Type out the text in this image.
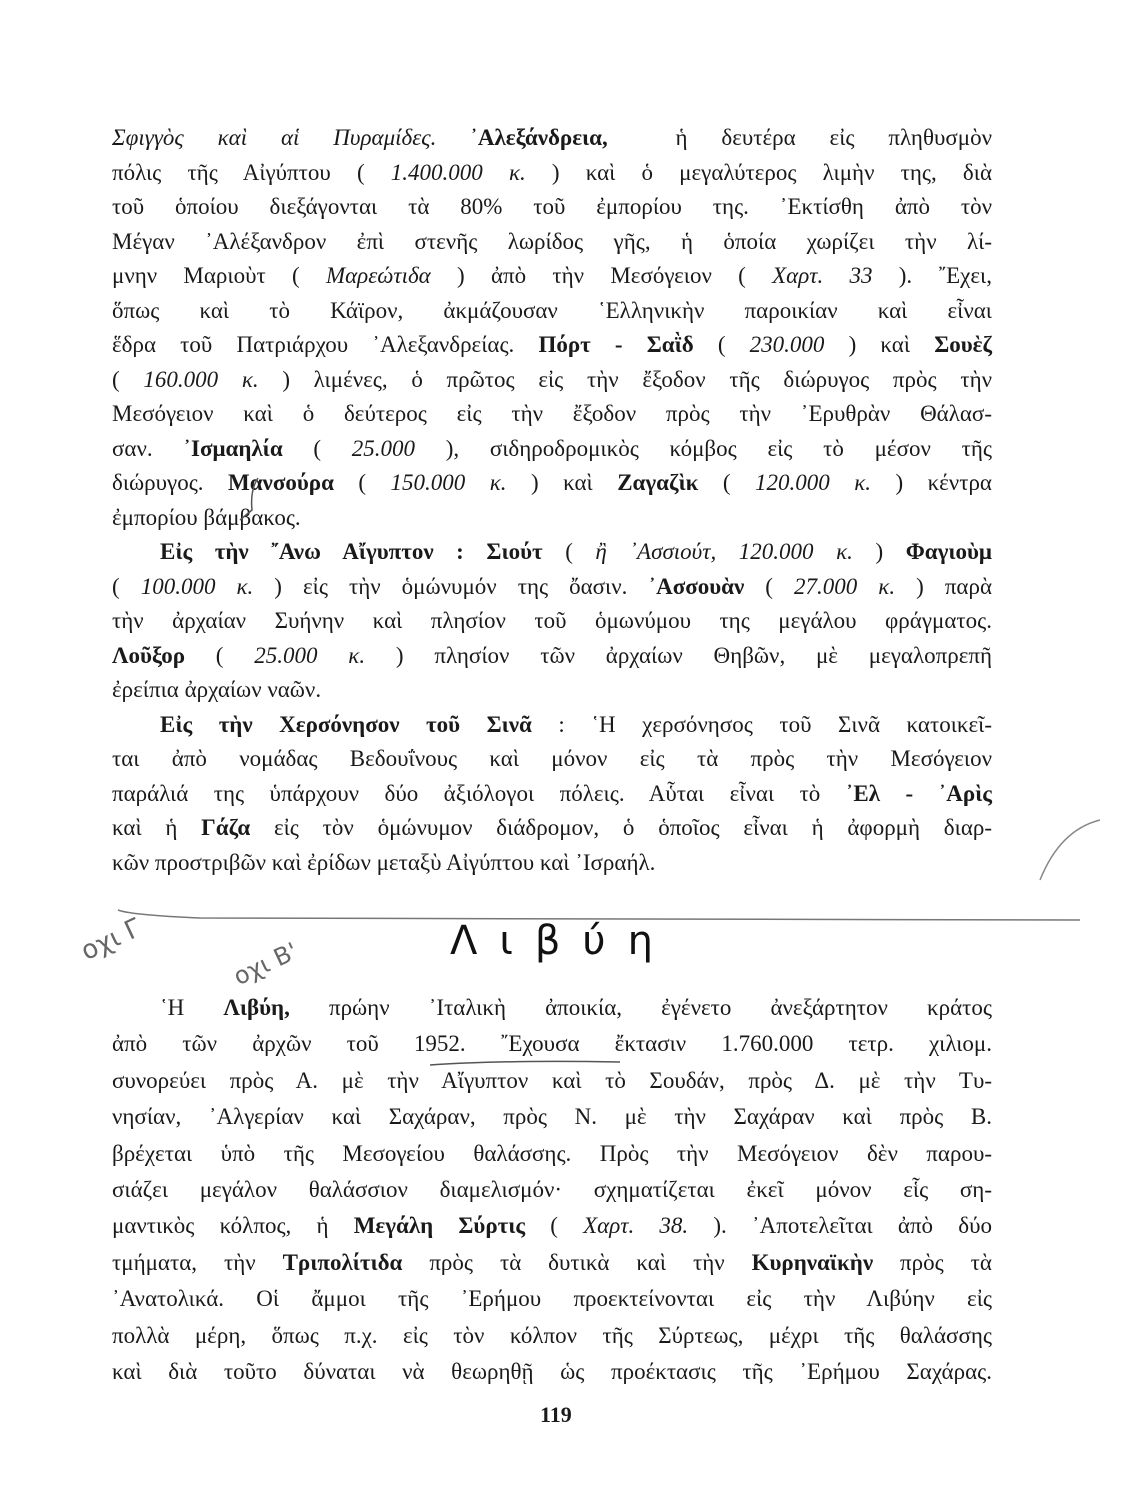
Σφιγγὸς καὶ αἱ Πυραμίδες. ᾿Αλεξάνδρεια,  ἡ δευτέρα εἰς πληθυσμὸν
πόλις τῆς Αἰγύπτου ( 1.400.000 κ. ) καὶ ὁ μεγαλύτερος λιμὴν της, διὰ
τοῦ ὁποίου διεξάγονται τὰ 80% τοῦ ἐμπορίου της. ᾿Εκτίσθη ἀπὸ τὸν
Μέγαν ᾿Αλέξανδρον ἐπὶ στενῆς λωρίδος γῆς, ἡ ὁποία χωρίζει τὴν λί-
μνην Μαριοὺτ ( Μαρεώτιδα ) ἀπὸ τὴν Μεσόγειον ( Χαρτ. 33 ). ῎Εχει,
ὅπως καὶ τὸ Κάϊρον, ἀκμάζουσαν ῾Ελληνικὴν παροικίαν καὶ εἶναι
ἕδρα τοῦ Πατριάρχου ᾿Αλεξανδρείας. Πόρτ - Σαῒδ ( 230.000 ) καὶ Σουὲζ
( 160.000 κ. ) λιμένες, ὁ πρῶτος εἰς τὴν ἔξοδον τῆς διώρυγος πρὸς τὴν
Μεσόγειον καὶ ὁ δεύτερος εἰς τὴν ἔξοδον πρὸς τὴν ᾿Ερυθρὰν Θάλασ-
σαν. ᾿Ισμαηλία ( 25.000 ), σιδηροδρομικὸς κόμβος εἰς τὸ μέσον τῆς
διώρυγος. Μανσούρα ( 150.000 κ. ) καὶ Ζαγαζὶκ ( 120.000 κ. ) κέντρα
ἐμπορίου βάμβακος.
Εἰς τὴν ῎Ανω Αἴγυπτον : Σιούτ ( ἢ ᾿Ασσιούτ, 120.000 κ. ) Φαγιοὺμ
( 100.000 κ. ) εἰς τὴν ὁμώνυμόν της ὄασιν. ᾿Ασσουὰν ( 27.000 κ. ) παρὰ
τὴν ἀρχαίαν Συήνην καὶ πλησίον τοῦ ὁμωνύμου της μεγάλου φράγματος.
Λοῦξορ ( 25.000 κ. ) πλησίον τῶν ἀρχαίων Θηβῶν, μὲ μεγαλοπρεπῆ
ἐρείπια ἀρχαίων ναῶν.
Εἰς τὴν Χερσόνησον τοῦ Σινᾶ : ῾Η χερσόνησος τοῦ Σινᾶ κατοικεῖ-
ται ἀπὸ νομάδας Βεδουΐνους καὶ μόνον εἰς τὰ πρὸς τὴν Μεσόγειον
παράλιά της ὑπάρχουν δύο ἀξιόλογοι πόλεις. Αὗται εἶναι τὸ ᾿Ελ - ᾿Αρὶς
καὶ ἡ Γάζα εἰς τὸν ὁμώνυμον διάδρομον, ὁ ὁποῖος εἶναι ἡ ἀφορμὴ διαρ-
κῶν προστριβῶν καὶ ἐρίδων μεταξὺ Αἰγύπτου καὶ ᾿Ισραήλ.
Λιβύη
῾Η Λιβύη, πρώην ᾿Ιταλικὴ ἀποικία, ἐγένετο ἀνεξάρτητον κράτος
ἀπὸ τῶν ἀρχῶν τοῦ 1952. ῎Εχουσα ἔκτασιν 1.760.000 τετρ. χιλιομ.
συνορεύει πρὸς Α. μὲ τὴν Αἴγυπτον καὶ τὸ Σουδάν, πρὸς Δ. μὲ τὴν Τυ-
νησίαν, ᾿Αλγερίαν καὶ Σαχάραν, πρὸς Ν. μὲ τὴν Σαχάραν καὶ πρὸς Β.
βρέχεται ὑπὸ τῆς Μεσογείου θαλάσσης. Πρὸς τὴν Μεσόγειον δὲν παρου-
σιάζει μεγάλον θαλάσσιον διαμελισμόν· σχηματίζεται ἐκεῖ μόνον εἷς ση-
μαντικὸς κόλπος, ἡ Μεγάλη Σύρτις ( Χαρτ. 38. ). ᾿Αποτελεῖται ἀπὸ δύο
τμήματα, τὴν Τριπολίτιδα πρὸς τὰ δυτικὰ καὶ τὴν Κυρηναϊκὴν πρὸς τὰ
᾿Ανατολικά. Οἱ ἄμμοι τῆς ᾿Ερήμου προεκτείνονται εἰς τὴν Λιβύην εἰς
πολλὰ μέρη, ὅπως π.χ. εἰς τὸν κόλπον τῆς Σύρτεως, μέχρι τῆς θαλάσσης
καὶ διὰ τοῦτο δύναται νὰ θεωρηθῇ ὡς προέκτασις τῆς ᾿Ερήμου Σαχάρας.
119
οχι Γ	οχι Β'
